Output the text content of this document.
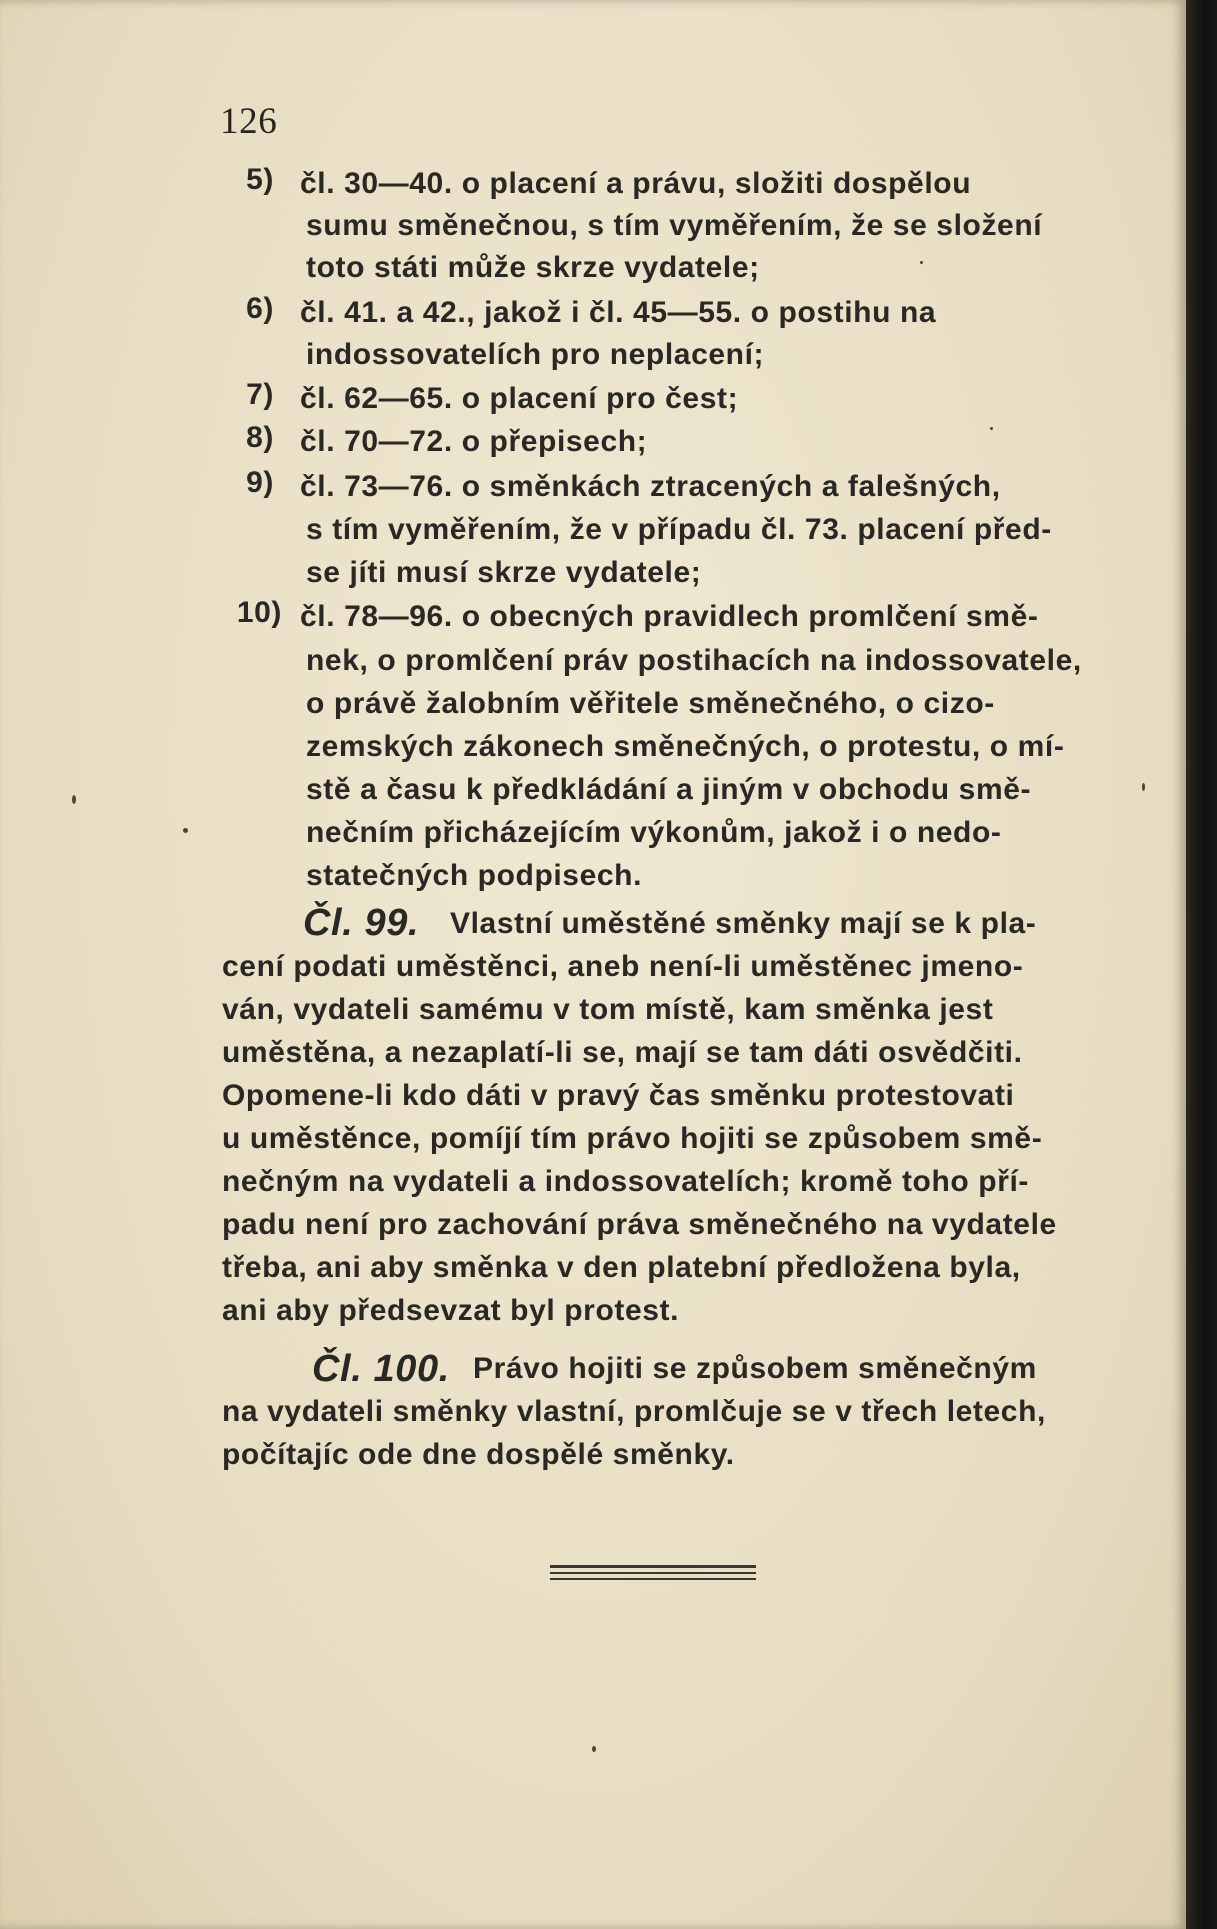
126
5) čl. 30—40. o placení a právu, složiti dospělou
sumu směnečnou, s tím vyměřením, že se složení
toto státi může skrze vydatele;
6) čl. 41. a 42., jakož i čl. 45—55. o postihu na
indossovatelích pro neplacení;
7) čl. 62—65. o placení pro čest;
8) čl. 70—72. o přepisech;
9) čl. 73—76. o směnkách ztracených a falešných,
s tím vyměřením, že v případu čl. 73. placení před-
se jíti musí skrze vydatele;
10) čl. 78—96. o obecných pravidlech promlčení smě-
nek, o promlčení práv postihacích na indossovatele,
o právě žalobním věřitele směnečného, o cizo-
zemských zákonech směnečných, o protestu, o mí-
stě a času k předkládání a jiným v obchodu smě-
nečním přicházejícím výkonům, jakož i o nedo-
statečných podpisech.
Čl. 99. Vlastní uměstěné směnky mají se k pla-
cení podati uměstěnci, aneb není-li uměstěnec jmeno-
ván, vydateli samému v tom místě, kam směnka jest
uměstěna, a nezaplatí-li se, mají se tam dáti osvědčiti.
Opomene-li kdo dáti v pravý čas směnku protestovati
u uměstěnce, pomíjí tím právo hojiti se způsobem smě-
nečným na vydateli a indossovatelích; kromě toho pří-
padu není pro zachování práva směnečného na vydatele
třeba, ani aby směnka v den platební předložena byla,
ani aby předsevzat byl protest.
Čl. 100. Právo hojiti se způsobem směnečným
na vydateli směnky vlastní, promlčuje se v třech letech,
počítajíc ode dne dospělé směnky.
